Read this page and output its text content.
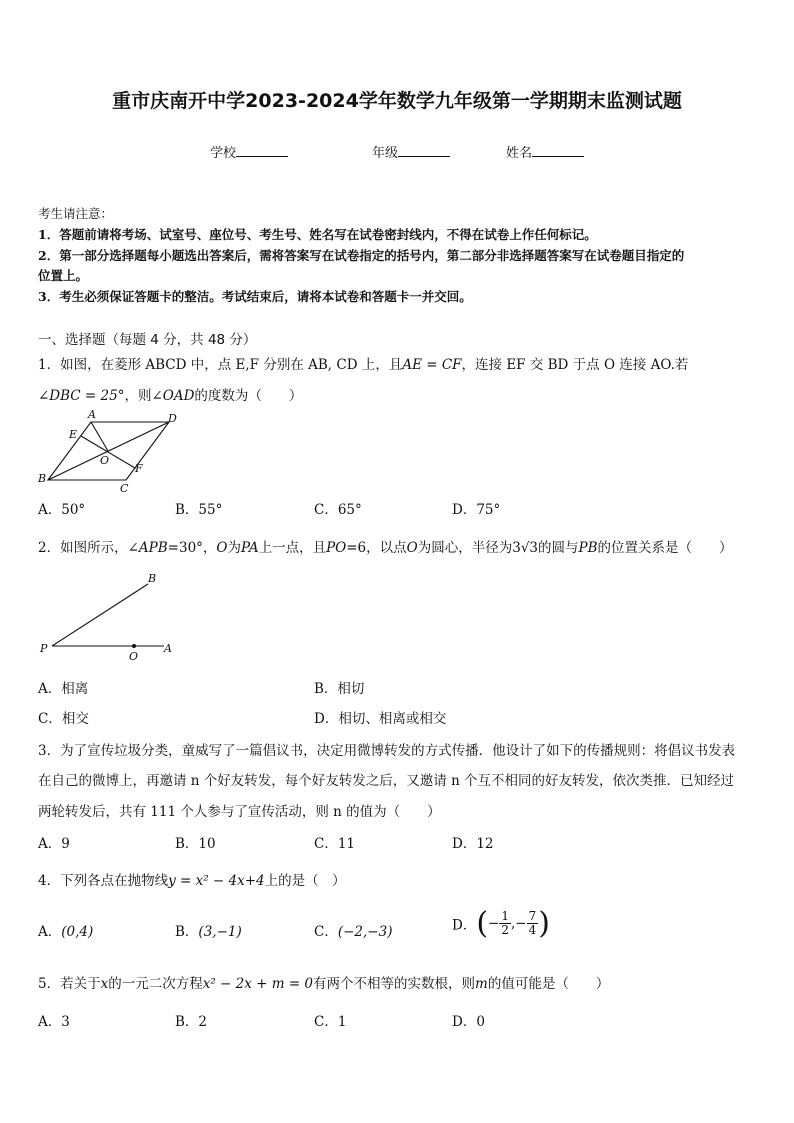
重市庆南开中学2023-2024学年数学九年级第一学期期末监测试题
学校	年级	姓名
考生请注意：
1．答题前请将考场、试室号、座位号、考生号、姓名写在试卷密封线内，不得在试卷上作任何标记。
2．第一部分选择题每小题选出答案后，需将答案写在试卷指定的括号内，第二部分非选择题答案写在试卷题目指定的
位置上。
3．考生必须保证答题卡的整洁。考试结束后，请将本试卷和答题卡一并交回。
一、选择题（每题 4 分，共 48 分）
1．如图，在菱形 ABCD 中，点 E,F 分别在 AB, CD 上，且AE = CF，连接 EF 交 BD 于点 O 连接 AO.若
∠DBC = 25°，则∠OAD的度数为（　　）
A	D
B
C
E
F
O
A．50°	B．55°	C．65°	D．75°
2．如图所示，∠APB=30°，O为PA上一点，且PO=6，以点O为圆心，半径为3√3的圆与PB的位置关系是（　　）
P
B
O
A
A．相离	B．相切
C．相交	D．相切、相离或相交
3．为了宣传垃圾分类，童威写了一篇倡议书，决定用微博转发的方式传播．他设计了如下的传播规则：将倡议书发表
在自己的微博上，再邀请 n 个好友转发，每个好友转发之后，又邀请 n 个互不相同的好友转发，依次类推．已知经过
两轮转发后，共有 111 个人参与了宣传活动，则 n 的值为（　　）
A．9	B．10	C．11	D．12
4．下列各点在抛物线y = x² − 4x+4上的是（　）
A．(0,4)	B．(3,−1)	C．(−2,−3)	D．(− $\frac{1}{2}$ ,− $\frac{7}{4}$ )
5．若关于x的一元二次方程x² − 2x + m = 0有两个不相等的实数根，则m的值可能是（　　）
A．3	B．2	C．1	D．0
